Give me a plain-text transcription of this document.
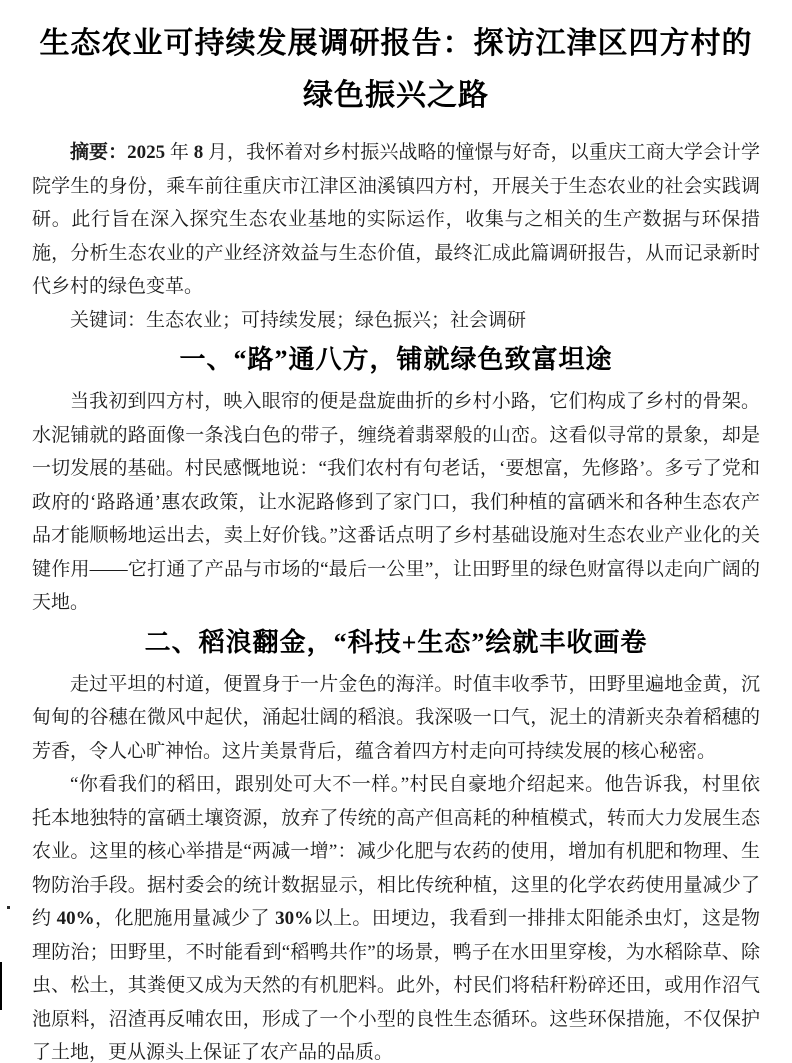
生态农业可持续发展调研报告：探访江津区四方村的绿色振兴之路

摘要：2025 年 8 月，我怀着对乡村振兴战略的憧憬与好奇，以重庆工商大学会计学院学生的身份，乘车前往重庆市江津区油溪镇四方村，开展关于生态农业的社会实践调研。此行旨在深入探究生态农业基地的实际运作，收集与之相关的生产数据与环保措施，分析生态农业的产业经济效益与生态价值，最终汇成此篇调研报告，从而记录新时代乡村的绿色变革。

关键词：生态农业；可持续发展；绿色振兴；社会调研

一、“路”通八方，铺就绿色致富坦途

当我初到四方村，映入眼帘的便是盘旋曲折的乡村小路，它们构成了乡村的骨架。水泥铺就的路面像一条浅白色的带子，缠绕着翡翠般的山峦。这看似寻常的景象，却是一切发展的基础。村民感慨地说：“我们农村有句老话，‘要想富，先修路’。多亏了党和政府的‘路路通’惠农政策，让水泥路修到了家门口，我们种植的富硒米和各种生态农产品才能顺畅地运出去，卖上好价钱。”这番话点明了乡村基础设施对生态农业产业化的关键作用——它打通了产品与市场的“最后一公里”，让田野里的绿色财富得以走向广阔的天地。

二、稻浪翻金，“科技+生态”绘就丰收画卷

走过平坦的村道，便置身于一片金色的海洋。时值丰收季节，田野里遍地金黄，沉甸甸的谷穗在微风中起伏，涌起壮阔的稻浪。我深吸一口气，泥土的清新夹杂着稻穗的芳香，令人心旷神怡。这片美景背后，蕴含着四方村走向可持续发展的核心秘密。

“你看我们的稻田，跟别处可大不一样。”村民自豪地介绍起来。他告诉我，村里依托本地独特的富硒土壤资源，放弃了传统的高产但高耗的种植模式，转而大力发展生态农业。这里的核心举措是“两减一增”：减少化肥与农药的使用，增加有机肥和物理、生物防治手段。据村委会的统计数据显示，相比传统种植，这里的化学农药使用量减少了约 40%，化肥施用量减少了 30%以上。田埂边，我看到一排排太阳能杀虫灯，这是物理防治；田野里，不时能看到“稻鸭共作”的场景，鸭子在水田里穿梭，为水稻除草、除虫、松土，其粪便又成为天然的有机肥料。此外，村民们将秸秆粉碎还田，或用作沼气池原料，沼渣再反哺农田，形成了一个小型的良性生态循环。这些环保措施，不仅保护了土地，更从源头上保证了农产品的品质。
